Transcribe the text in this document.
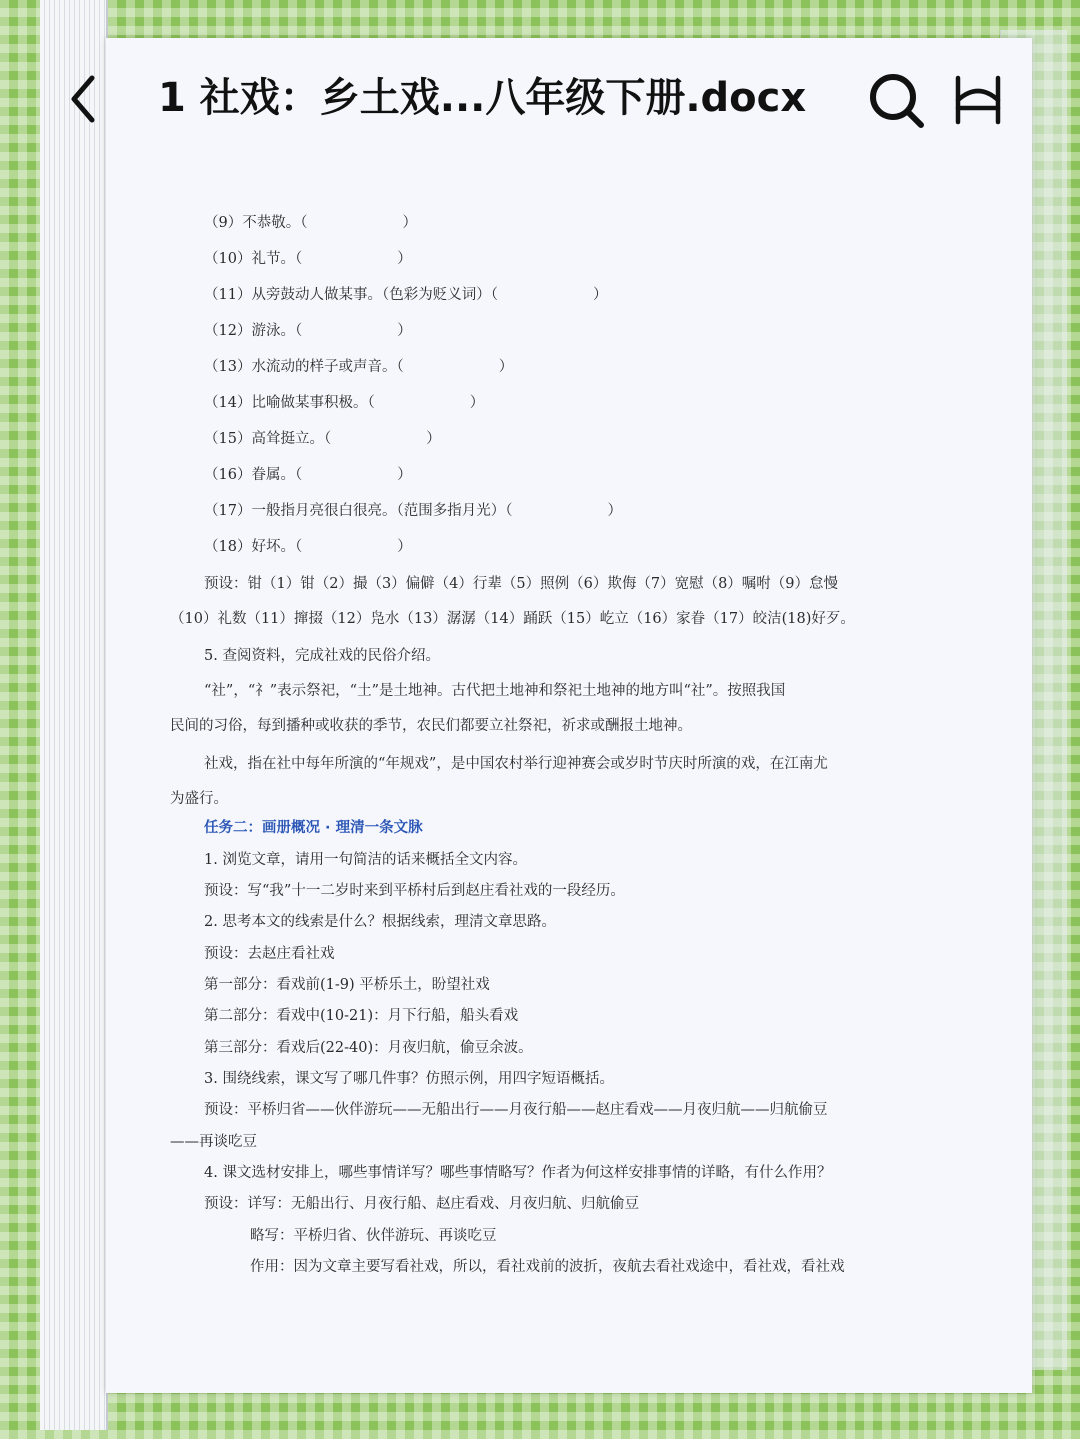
1 社戏：乡土戏...八年级下册.docx
（9）不恭敬。（	）
（10）礼节。（	）
（11）从旁鼓动人做某事。（色彩为贬义词）（	）
（12）游泳。（	）
（13）水流动的样子或声音。（	）
（14）比喻做某事积极。（	）
（15）高耸挺立。（	）
（16）眷属。（	）
（17）一般指月亮很白很亮。（范围多指月光）（	）
（18）好坏。（	）
预设：钳（1）钳（2）撮（3）偏僻（4）行辈（5）照例（6）欺侮（7）宽慰（8）嘱咐（9）怠慢
（10）礼数（11）撺掇（12）凫水（13）潺潺（14）踊跃（15）屹立（16）家眷（17）皎洁(18)好歹。
5. 查阅资料，完成社戏的民俗介绍。
“社”，“礻”表示祭祀，“土”是土地神。古代把土地神和祭祀土地神的地方叫“社”。按照我国
民间的习俗，每到播种或收获的季节，农民们都要立社祭祀，祈求或酬报土地神。
社戏，指在社中每年所演的“年规戏”，是中国农村举行迎神赛会或岁时节庆时所演的戏，在江南尤
为盛行。
任务二：画册概况 · 理清一条文脉
1. 浏览文章，请用一句简洁的话来概括全文内容。
预设：写“我”十一二岁时来到平桥村后到赵庄看社戏的一段经历。
2. 思考本文的线索是什么？根据线索，理清文章思路。
预设：去赵庄看社戏
第一部分：看戏前(1-9) 平桥乐土，盼望社戏
第二部分：看戏中(10-21)：月下行船，船头看戏
第三部分：看戏后(22-40)：月夜归航，偷豆余波。
3. 围绕线索，课文写了哪几件事？仿照示例，用四字短语概括。
预设：平桥归省——伙伴游玩——无船出行——月夜行船——赵庄看戏——月夜归航——归航偷豆
——再谈吃豆
4. 课文选材安排上，哪些事情详写？哪些事情略写？作者为何这样安排事情的详略，有什么作用？
预设：详写：无船出行、月夜行船、赵庄看戏、月夜归航、归航偷豆
略写：平桥归省、伙伴游玩、再谈吃豆
作用：因为文章主要写看社戏，所以，看社戏前的波折，夜航去看社戏途中，看社戏，看社戏
